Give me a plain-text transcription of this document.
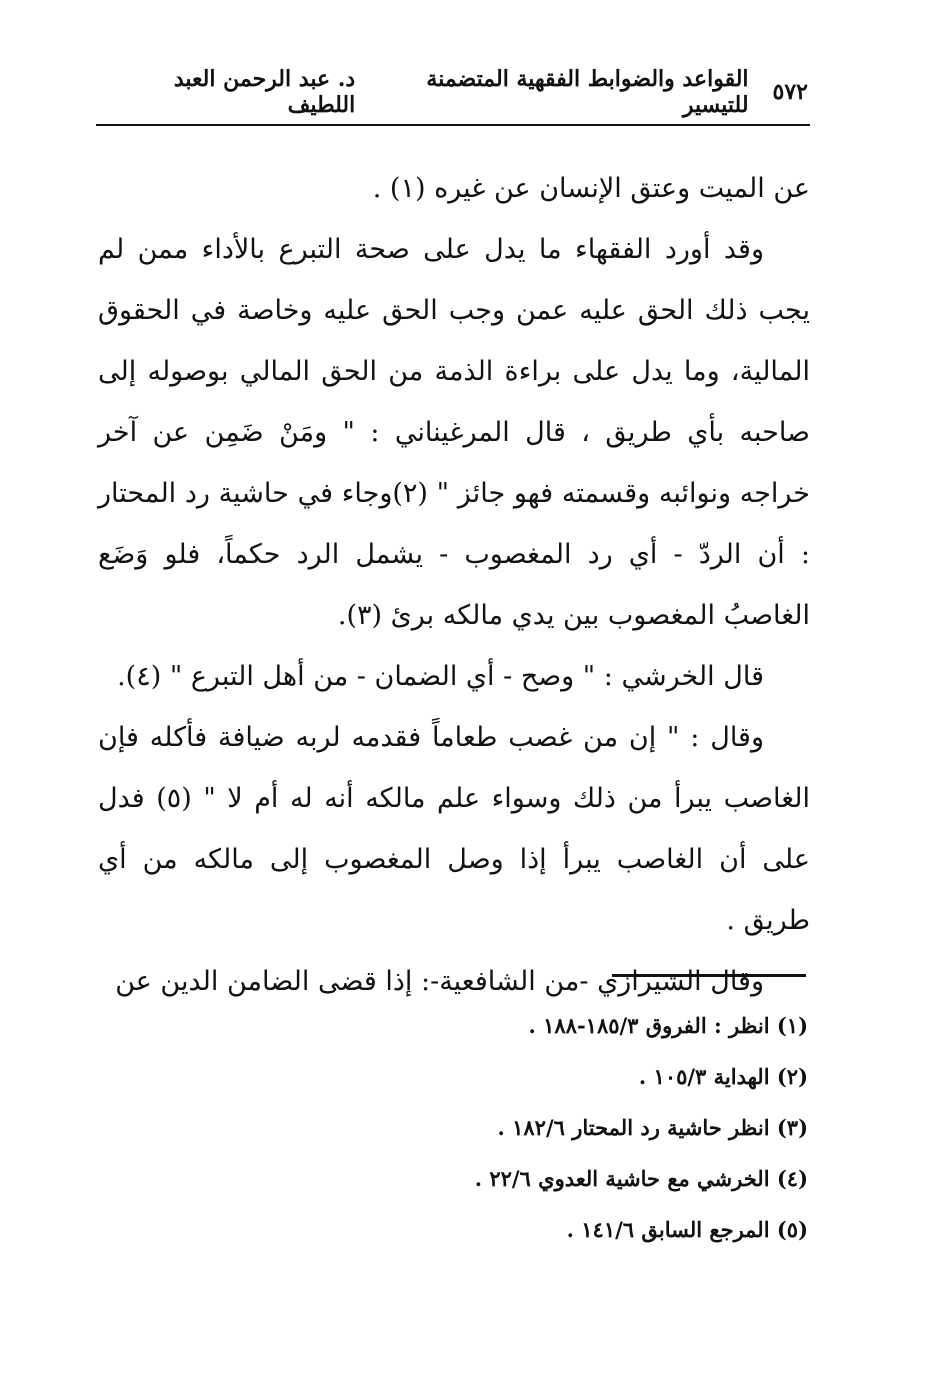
٥٧٢
القواعد والضوابط الفقهية المتضمنة للتيسير
د. عبد الرحمن العبد اللطيف

عن الميت وعتق الإنسان عن غيره (١) .

وقد أورد الفقهاء ما يدل على صحة التبرع بالأداء ممن لم يجب ذلك الحق عليه عمن وجب الحق عليه وخاصة في الحقوق المالية، وما يدل على براءة الذمة من الحق المالي بوصوله إلى صاحبه بأي طريق ، قال المرغيناني : " ومَنْ ضَمِن عن آخر خراجه ونوائبه وقسمته فهو جائز " (٢)وجاء في حاشية رد المحتار : أن الردّ - أي رد المغصوب - يشمل الرد حكماً، فلو وَضَع الغاصبُ المغصوب بين يدي مالكه برئ (٣).

قال الخرشي : " وصح - أي الضمان - من أهل التبرع " (٤).

وقال : " إن من غصب طعاماً فقدمه لربه ضيافة فأكله فإن الغاصب يبرأ من ذلك وسواء علم مالكه أنه له أم لا " (٥) فدل على أن الغاصب يبرأ إذا وصل المغصوب إلى مالكه من أي طريق .

وقال الشيرازي -من الشافعية-: إذا قضى الضامن الدين عن

(١) انظر : الفروق ١٨٥/٣-١٨٨ .
(٢) الهداية ١٠٥/٣ .
(٣) انظر حاشية رد المحتار ١٨٢/٦ .
(٤) الخرشي مع حاشية العدوي ٢٢/٦ .
(٥) المرجع السابق ١٤١/٦ .
